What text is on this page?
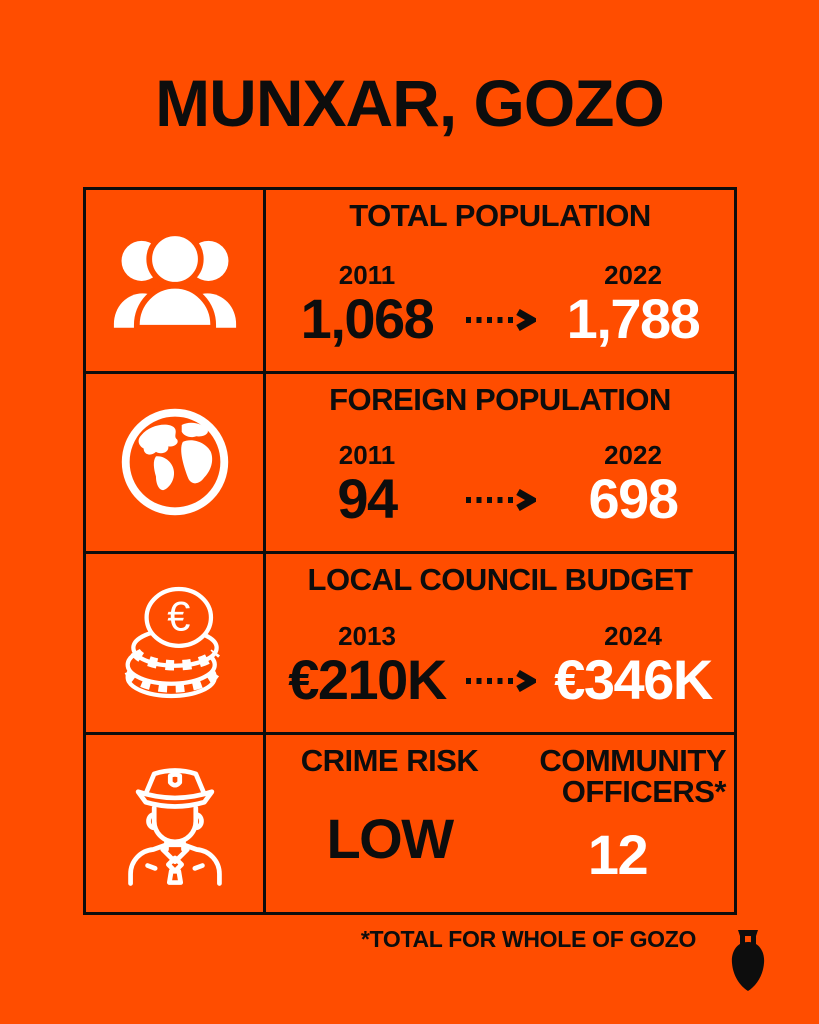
MUNXAR, GOZO
TOTAL POPULATION
2011
1,068
2022
1,788
FOREIGN POPULATION
2011
94
2022
698
€
LOCAL COUNCIL BUDGET
2013
€210K
2024
€346K
CRIME RISK
LOW
COMMUNITY OFFICERS*
12
*TOTAL FOR WHOLE OF GOZO
